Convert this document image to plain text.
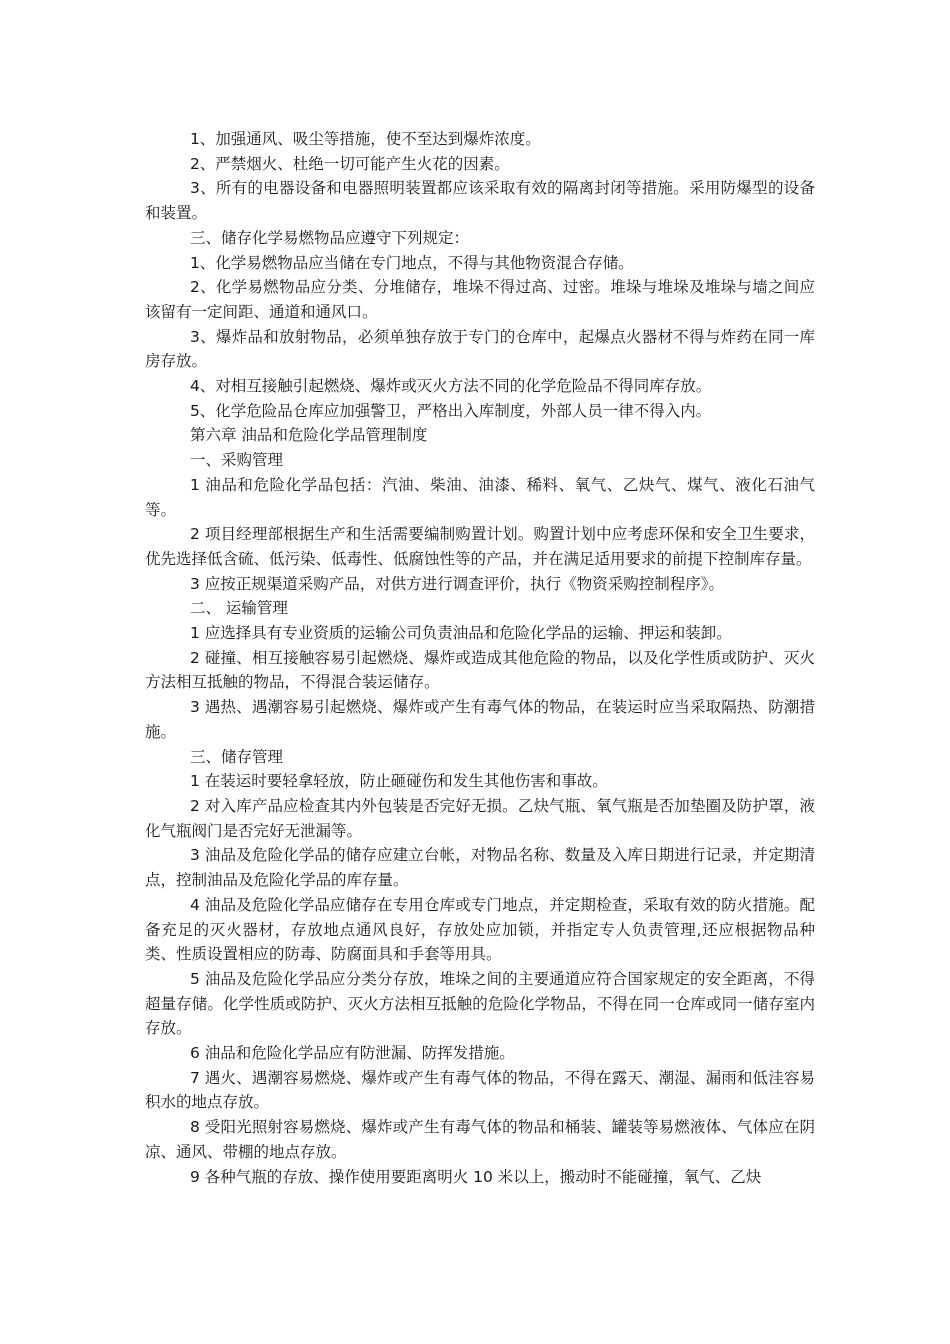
1、加强通风、吸尘等措施，使不至达到爆炸浓度。

2、严禁烟火、杜绝一切可能产生火花的因素。

3、所有的电器设备和电器照明装置都应该采取有效的隔离封闭等措施。采用防爆型的设备和装置。

三、储存化学易燃物品应遵守下列规定：

1、化学易燃物品应当储在专门地点，不得与其他物资混合存储。

2、化学易燃物品应分类、分堆储存，堆垛不得过高、过密。堆垛与堆垛及堆垛与墙之间应该留有一定间距、通道和通风口。

3、爆炸品和放射物品，必须单独存放于专门的仓库中，起爆点火器材不得与炸药在同一库房存放。

4、对相互接触引起燃烧、爆炸或灭火方法不同的化学危险品不得同库存放。

5、化学危险品仓库应加强警卫，严格出入库制度，外部人员一律不得入内。

第六章 油品和危险化学品管理制度

一、采购管理

1 油品和危险化学品包括：汽油、柴油、油漆、稀料、氧气、乙炔气、煤气、液化石油气等。

2 项目经理部根据生产和生活需要编制购置计划。购置计划中应考虑环保和安全卫生要求，优先选择低含硫、低污染、低毒性、低腐蚀性等的产品，并在满足适用要求的前提下控制库存量。

3 应按正规渠道采购产品，对供方进行调查评价，执行《物资采购控制程序》。

二、 运输管理

1 应选择具有专业资质的运输公司负责油品和危险化学品的运输、押运和装卸。

2 碰撞、相互接触容易引起燃烧、爆炸或造成其他危险的物品，以及化学性质或防护、灭火方法相互抵触的物品，不得混合装运储存。

3 遇热、遇潮容易引起燃烧、爆炸或产生有毒气体的物品，在装运时应当采取隔热、防潮措施。

三、储存管理

1 在装运时要轻拿轻放，防止砸碰伤和发生其他伤害和事故。

2 对入库产品应检查其内外包装是否完好无损。乙炔气瓶、氧气瓶是否加垫圈及防护罩，液化气瓶阀门是否完好无泄漏等。

3 油品及危险化学品的储存应建立台帐，对物品名称、数量及入库日期进行记录，并定期清点，控制油品及危险化学品的库存量。

4 油品及危险化学品应储存在专用仓库或专门地点，并定期检查，采取有效的防火措施。配备充足的灭火器材，存放地点通风良好，存放处应加锁，并指定专人负责管理,还应根据物品种类、性质设置相应的防毒、防腐面具和手套等用具。

5 油品及危险化学品应分类分存放，堆垛之间的主要通道应符合国家规定的安全距离，不得超量存储。化学性质或防护、灭火方法相互抵触的危险化学物品，不得在同一仓库或同一储存室内存放。

6 油品和危险化学品应有防泄漏、防挥发措施。

7 遇火、遇潮容易燃烧、爆炸或产生有毒气体的物品，不得在露天、潮湿、漏雨和低洼容易积水的地点存放。

8 受阳光照射容易燃烧、爆炸或产生有毒气体的物品和桶装、罐装等易燃液体、气体应在阴凉、通风、带棚的地点存放。

9 各种气瓶的存放、操作使用要距离明火 10 米以上，搬动时不能碰撞，氧气、乙炔
